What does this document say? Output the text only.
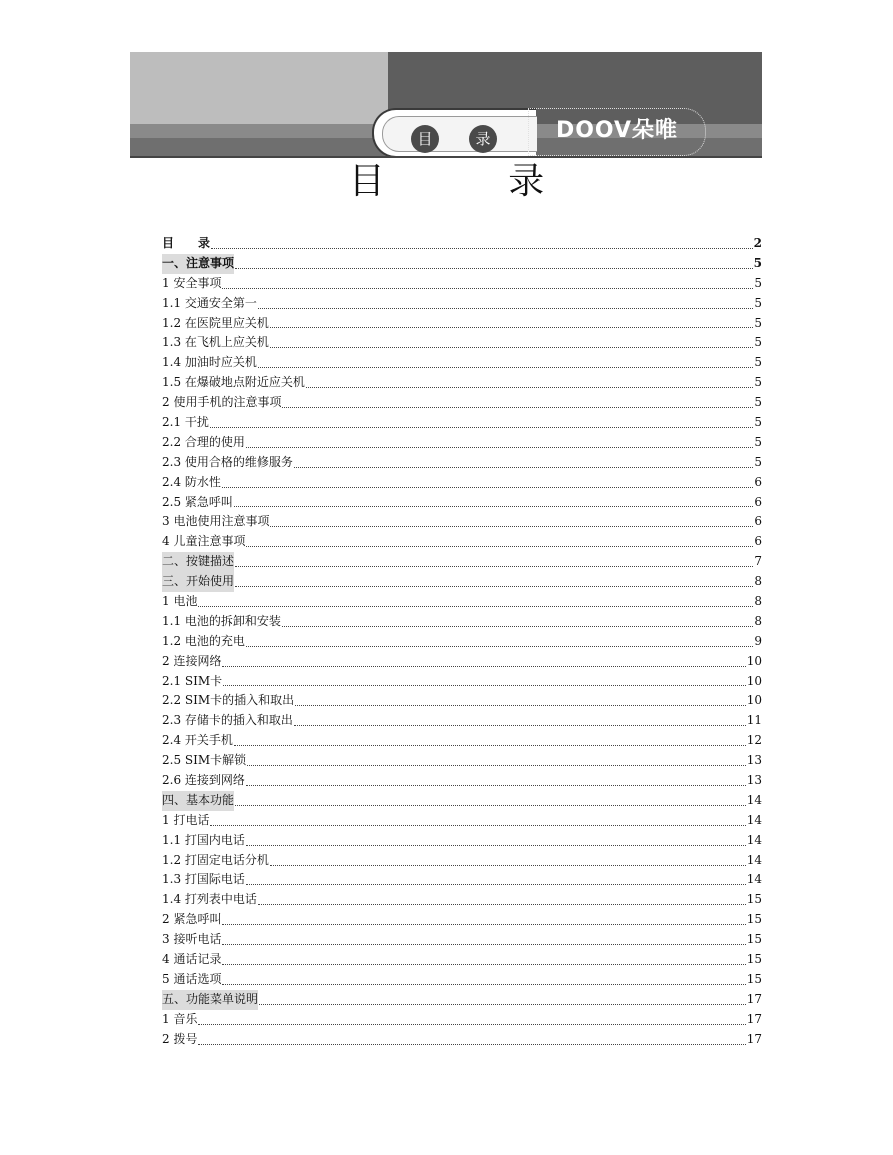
目	录	DOOV朵唯
目 录
目　　录	2
一、注意事项	5
1 安全事项	5
1.1 交通安全第一	5
1.2 在医院里应关机	5
1.3 在飞机上应关机	5
1.4 加油时应关机	5
1.5 在爆破地点附近应关机	5
2 使用手机的注意事项	5
2.1 干扰	5
2.2 合理的使用	5
2.3 使用合格的维修服务	5
2.4 防水性	6
2.5 紧急呼叫	6
3 电池使用注意事项	6
4 儿童注意事项	6
二、按键描述	7
三、开始使用	8
1 电池	8
1.1 电池的拆卸和安装	8
1.2 电池的充电	9
2 连接网络	10
2.1 SIM卡	10
2.2 SIM卡的插入和取出	10
2.3 存储卡的插入和取出	11
2.4 开关手机	12
2.5 SIM卡解锁	13
2.6 连接到网络	13
四、基本功能	14
1 打电话	14
1.1 打国内电话	14
1.2 打固定电话分机	14
1.3 打国际电话	14
1.4 打列表中电话	15
2 紧急呼叫	15
3 接听电话	15
4 通话记录	15
5 通话选项	15
五、功能菜单说明	17
1 音乐	17
2 拨号	17
